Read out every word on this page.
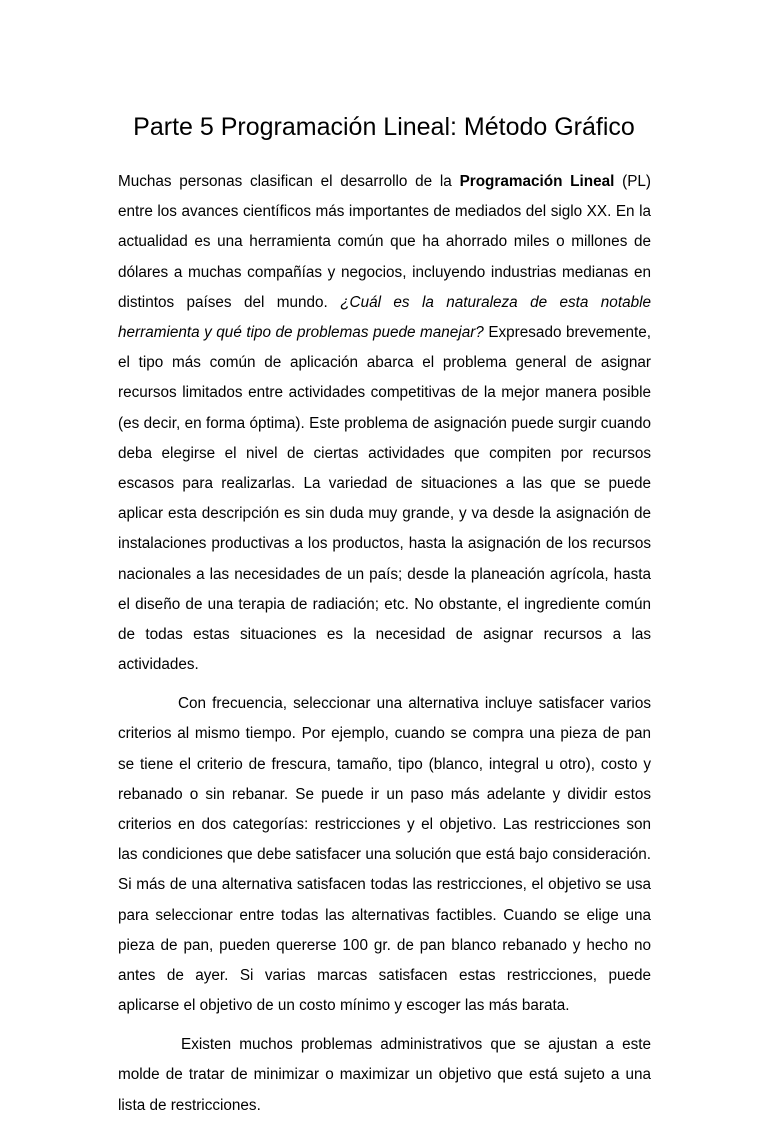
Parte 5 Programación Lineal: Método Gráfico

Muchas personas clasifican el desarrollo de la Programación Lineal (PL) entre los avances científicos más importantes de mediados del siglo XX. En la actualidad es una herramienta común que ha ahorrado miles o millones de dólares a muchas compañías y negocios, incluyendo industrias medianas en distintos países del mundo. ¿Cuál es la naturaleza de esta notable herramienta y qué tipo de problemas puede manejar? Expresado brevemente, el tipo más común de aplicación abarca el problema general de asignar recursos limitados entre actividades competitivas de la mejor manera posible (es decir, en forma óptima). Este problema de asignación puede surgir cuando deba elegirse el nivel de ciertas actividades que compiten por recursos escasos para realizarlas. La variedad de situaciones a las que se puede aplicar esta descripción es sin duda muy grande, y va desde la asignación de instalaciones productivas a los productos, hasta la asignación de los recursos nacionales a las necesidades de un país; desde la planeación agrícola, hasta el diseño de una terapia de radiación; etc. No obstante, el ingrediente común de todas estas situaciones es la necesidad de asignar recursos a las actividades.

Con frecuencia, seleccionar una alternativa incluye satisfacer varios criterios al mismo tiempo. Por ejemplo, cuando se compra una pieza de pan se tiene el criterio de frescura, tamaño, tipo (blanco, integral u otro), costo y rebanado o sin rebanar. Se puede ir un paso más adelante y dividir estos criterios en dos categorías: restricciones y el objetivo. Las restricciones son las condiciones que debe satisfacer una solución que está bajo consideración. Si más de una alternativa satisfacen todas las restricciones, el objetivo se usa para seleccionar entre todas las alternativas factibles. Cuando se elige una pieza de pan, pueden quererse 100 gr. de pan blanco rebanado y hecho no antes de ayer. Si varias marcas satisfacen estas restricciones, puede aplicarse el objetivo de un costo mínimo y escoger las más barata.

Existen muchos problemas administrativos que se ajustan a este molde de tratar de minimizar o maximizar un objetivo que está sujeto a una lista de restricciones.
